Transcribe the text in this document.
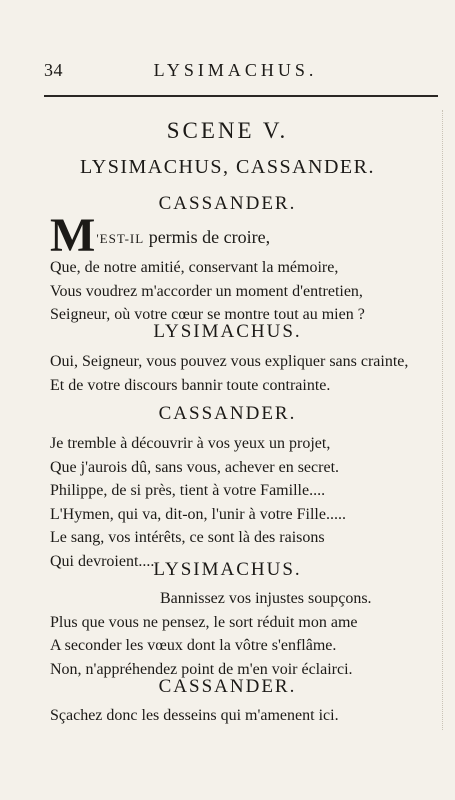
34	LYSIMACHUS.
SCENE V.
LYSIMACHUS, CASSANDER.
CASSANDER.
M 'EST-IL permis de croire,
Que, de notre amitié, conservant la mémoire,
Vous voudrez m'accorder un moment d'entretien,
Seigneur, où votre cœur se montre tout au mien ?
LYSIMACHUS.
Oui, Seigneur, vous pouvez vous expliquer sans crainte,
Et de votre discours bannir toute contrainte.
CASSANDER.
Je tremble à découvrir à vos yeux un projet,
Que j'aurois dû, sans vous, achever en secret.
Philippe, de si près, tient à votre Famille....
L'Hymen, qui va, dit-on, l'unir à votre Fille.....
Le sang, vos intérêts, ce sont là des raisons
Qui devroient.....
LYSIMACHUS.
Bannissez vos injustes soupçons.
Plus que vous ne pensez, le sort réduit mon ame
A seconder les vœux dont la vôtre s'enflâme.
Non, n'appréhendez point de m'en voir éclairci.
CASSANDER.
Sçachez donc les desseins qui m'amenent ici.
